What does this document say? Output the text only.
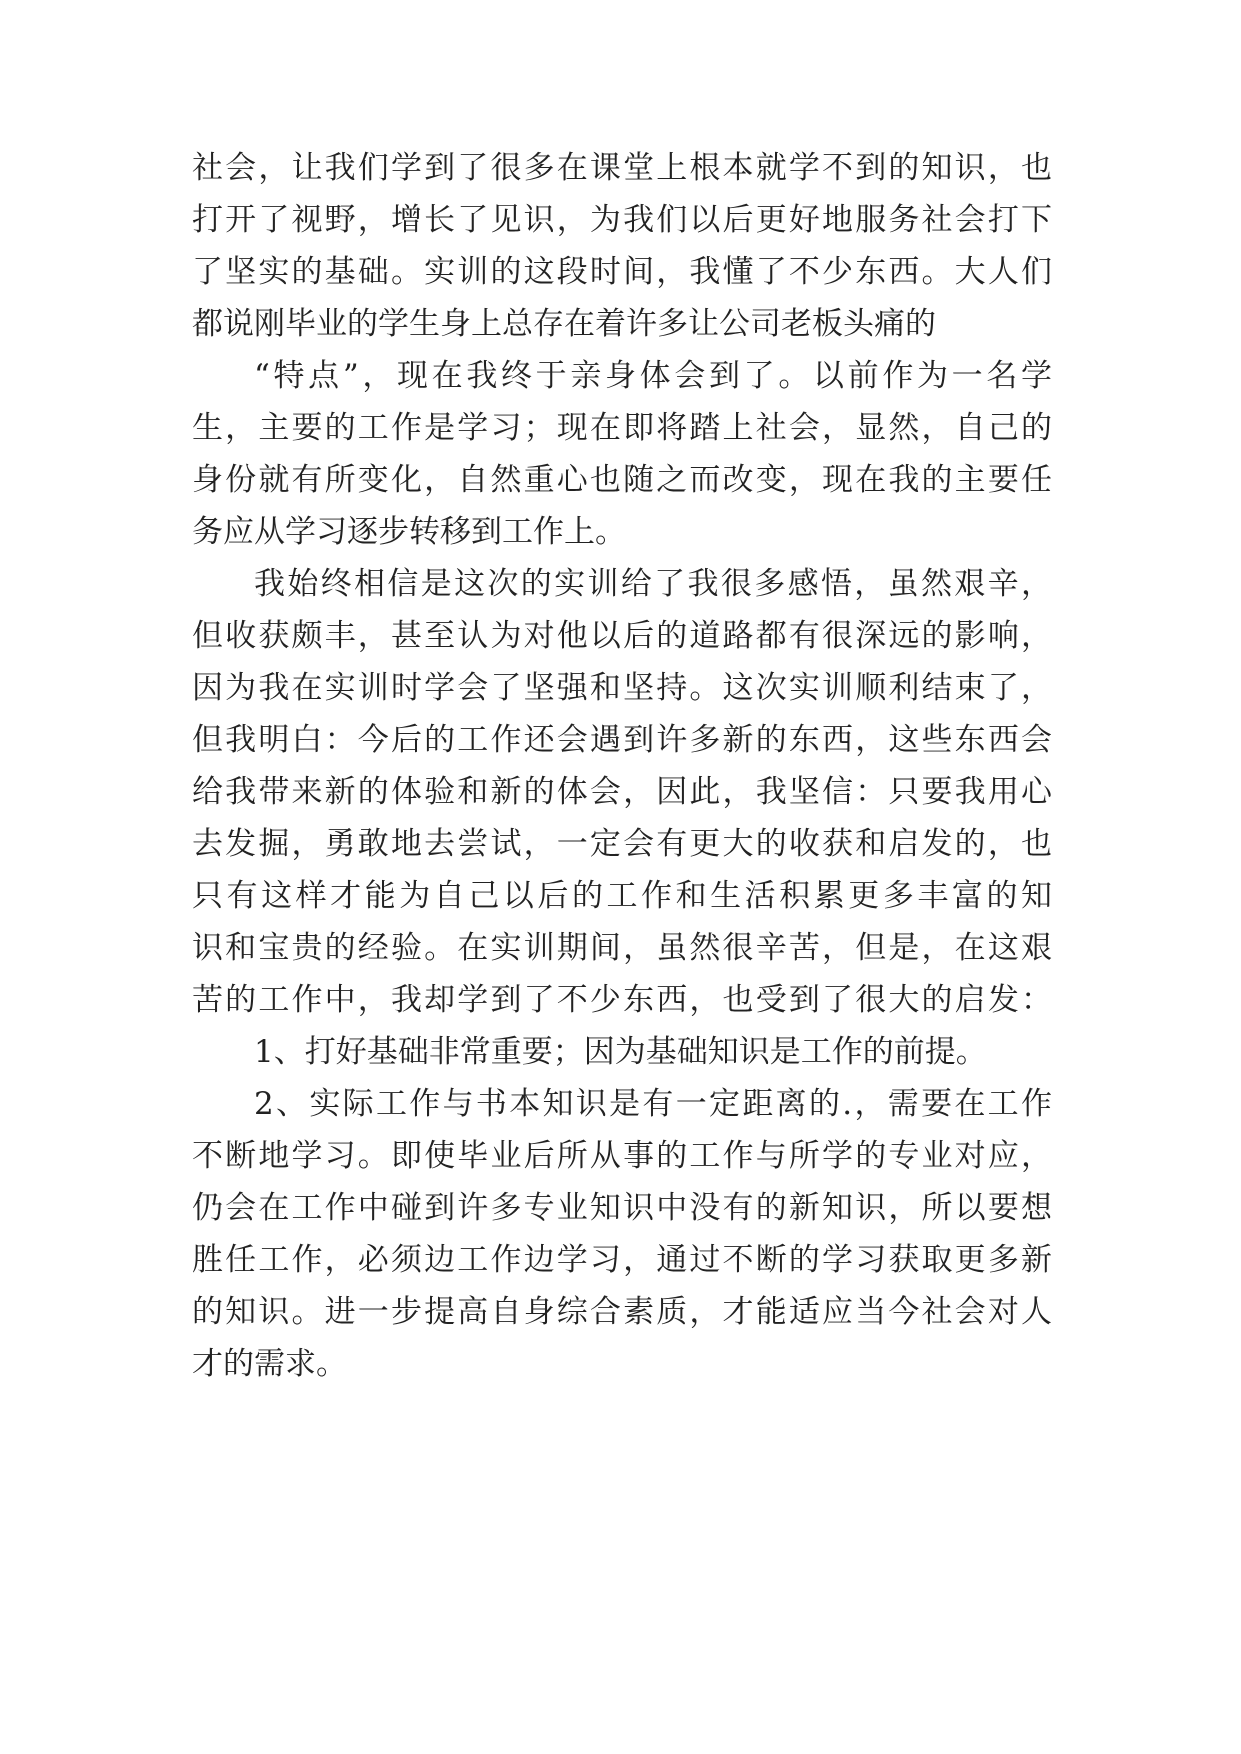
社会，让我们学到了很多在课堂上根本就学不到的知识，也
打开了视野，增长了见识，为我们以后更好地服务社会打下
了坚实的基础。实训的这段时间，我懂了不少东西。大人们
都说刚毕业的学生身上总存在着许多让公司老板头痛的
“特点”，现在我终于亲身体会到了。以前作为一名学
生，主要的工作是学习；现在即将踏上社会，显然，自己的
身份就有所变化，自然重心也随之而改变，现在我的主要任
务应从学习逐步转移到工作上。
我始终相信是这次的实训给了我很多感悟，虽然艰辛，
但收获颇丰，甚至认为对他以后的道路都有很深远的影响，
因为我在实训时学会了坚强和坚持。这次实训顺利结束了，
但我明白：今后的工作还会遇到许多新的东西，这些东西会
给我带来新的体验和新的体会，因此，我坚信：只要我用心
去发掘，勇敢地去尝试，一定会有更大的收获和启发的，也
只有这样才能为自己以后的工作和生活积累更多丰富的知
识和宝贵的经验。在实训期间，虽然很辛苦，但是，在这艰
苦的工作中，我却学到了不少东西，也受到了很大的启发：
1、打好基础非常重要；因为基础知识是工作的前提。
2、实际工作与书本知识是有一定距离的.，需要在工作
不断地学习。即使毕业后所从事的工作与所学的专业对应，
仍会在工作中碰到许多专业知识中没有的新知识，所以要想
胜任工作，必须边工作边学习，通过不断的学习获取更多新
的知识。进一步提高自身综合素质，才能适应当今社会对人
才的需求。
